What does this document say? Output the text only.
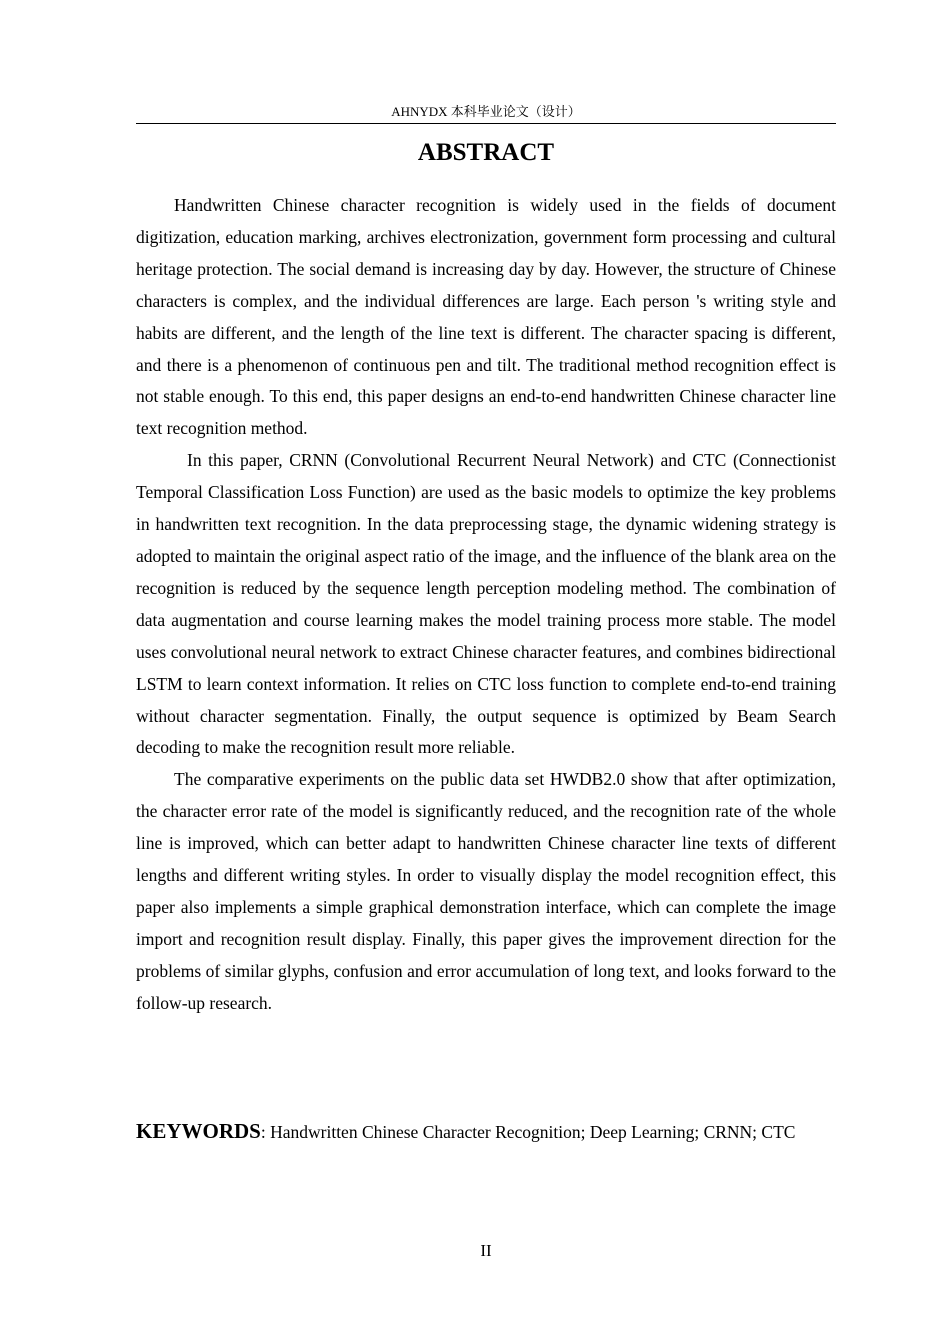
AHNYDX 本科毕业论文（设计）
ABSTRACT

Handwritten Chinese character recognition is widely used in the fields of document digitization, education marking, archives electronization, government form processing and cultural heritage protection. The social demand is increasing day by day. However, the structure of Chinese characters is complex, and the individual differences are large. Each person 's writing style and habits are different, and the length of the line text is different. The character spacing is different, and there is a phenomenon of continuous pen and tilt. The traditional method recognition effect is not stable enough. To this end, this paper designs an end-to-end handwritten Chinese character line text recognition method.

In this paper, CRNN (Convolutional Recurrent Neural Network) and CTC (Connectionist Temporal Classification Loss Function) are used as the basic models to optimize the key problems in handwritten text recognition. In the data preprocessing stage, the dynamic widening strategy is adopted to maintain the original aspect ratio of the image, and the influence of the blank area on the recognition is reduced by the sequence length perception modeling method. The combination of data augmentation and course learning makes the model training process more stable. The model uses convolutional neural network to extract Chinese character features, and combines bidirectional LSTM to learn context information. It relies on CTC loss function to complete end-to-end training without character segmentation. Finally, the output sequence is optimized by Beam Search decoding to make the recognition result more reliable.

The comparative experiments on the public data set HWDB2.0 show that after optimization, the character error rate of the model is significantly reduced, and the recognition rate of the whole line is improved, which can better adapt to handwritten Chinese character line texts of different lengths and different writing styles. In order to visually display the model recognition effect, this paper also implements a simple graphical demonstration interface, which can complete the image import and recognition result display. Finally, this paper gives the improvement direction for the problems of similar glyphs, confusion and error accumulation of long text, and looks forward to the follow-up research.

KEYWORDS: Handwritten Chinese Character Recognition; Deep Learning; CRNN; CTC

II
